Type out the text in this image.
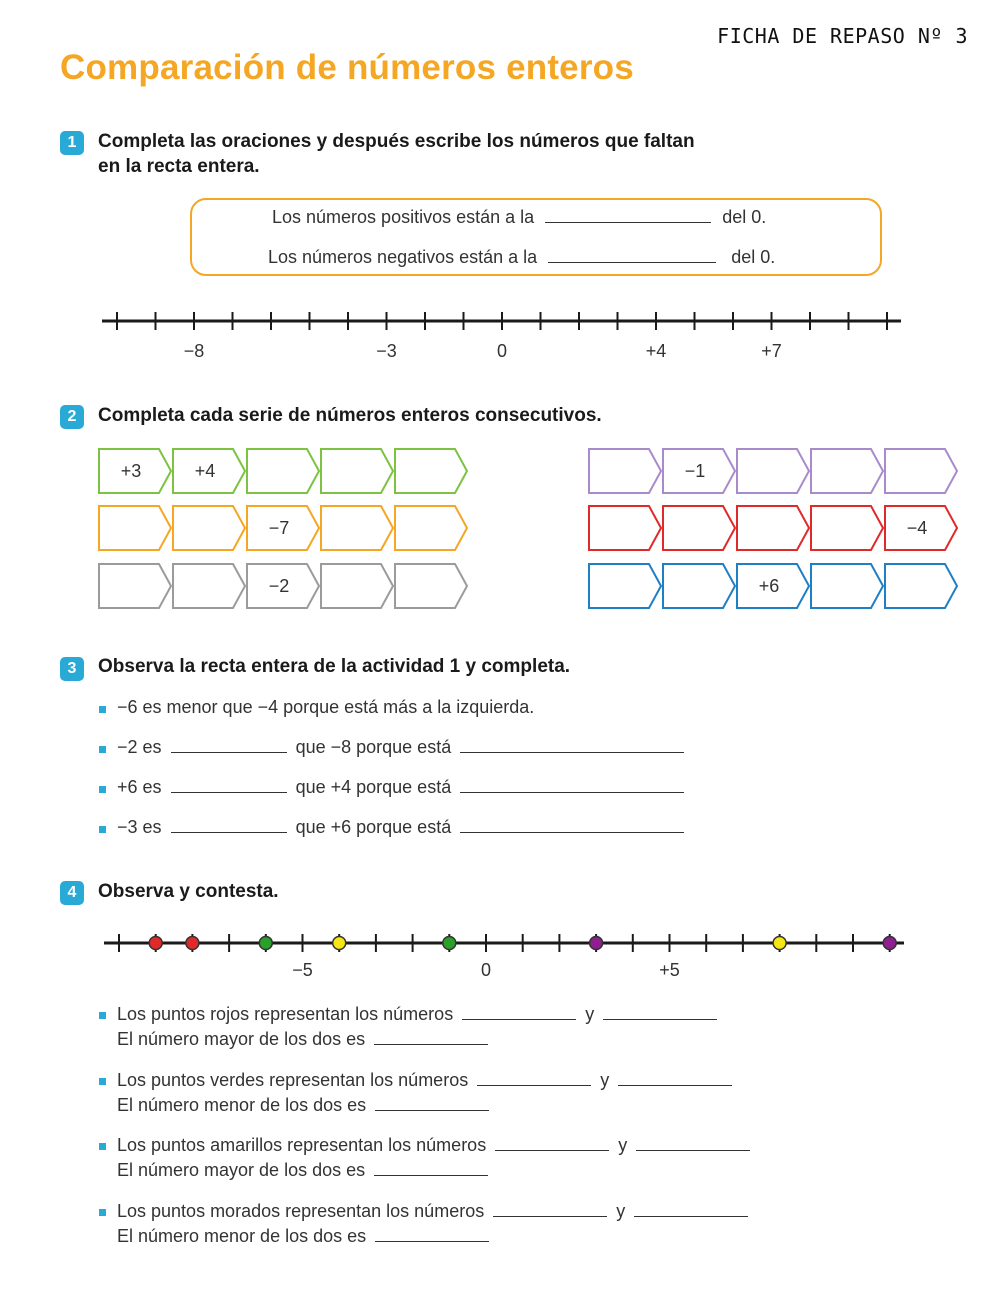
FICHA DE REPASO Nº 3
Comparación de números enteros
1	Completa las oraciones y después escribe los números que faltan
en la recta entera.
Los números positivos están a la	del 0.
Los números negativos están a la	del 0.
−8	−3	0	+4	+7
2	Completa cada serie de números enteros consecutivos.
+3	+4
−7
−2
−1
−4
+6
3	Observa la recta entera de la actividad 1 y completa.
−6 es menor que −4 porque está más a la izquierda.
−2 es	que −8 porque está
+6 es	que +4 porque está
−3 es	que +6 porque está
4	Observa y contesta.
−5	0	+5
Los puntos rojos representan los números	y
El número mayor de los dos es
Los puntos verdes representan los números	y
El número menor de los dos es
Los puntos amarillos representan los números	y
El número mayor de los dos es
Los puntos morados representan los números	y
El número menor de los dos es
